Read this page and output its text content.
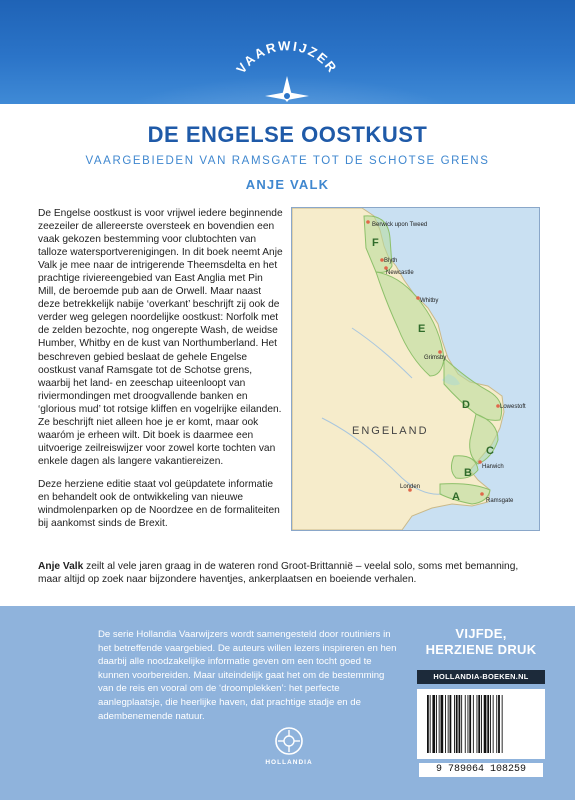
VAARWIJZER
DE ENGELSE OOSTKUST
VAARGEBIEDEN VAN RAMSGATE TOT DE SCHOTSE GRENS
ANJE VALK

De Engelse oostkust is voor vrijwel iedere beginnende zeezeiler de allereerste oversteek en bovendien een vaak gekozen bestemming voor clubtochten van talloze watersportverenigingen. In dit boek neemt Anje Valk je mee naar de intrigerende Theemsdelta en het prachtige riviereengebied van East Anglia met Pin Mill, de beroemde pub aan de Orwell. Maar naast deze betrekkelijk nabije ‘overkant’ beschrijft zij ook de verder weg gelegen noordelijke oostkust: Norfolk met de zelden bezochte, nog ongerepte Wash, de weidse Humber, Whitby en de kust van Northumberland. Het beschreven gebied beslaat de gehele Engelse oostkust vanaf Ramsgate tot de Schotse grens, waarbij het land- en zeeschap uiteenloopt van riviermondingen met droogvallende banken en ‘glorious mud’ tot rotsige kliffen en vogelrijke eilanden. Ze beschrijft niet alleen hoe je er komt, maar ook waaróm je erheen wilt. Dit boek is daarmee een uitvoerige zeilreiswijzer voor zowel korte tochten van enkele dagen als langere vakantiereizen.

Deze herziene editie staat vol geüpdatete informatie en behandelt ook de ontwikkeling van nieuwe windmolenparken op de Noordzee en de formaliteiten bij aankomst sinds de Brexit.

Berwick upon Tweed
Blyth
Newcastle
Whitby
Grimsby
Lowestoft
Harwich
Londen
Ramsgate
F
E
D
C
B
A
ENGELAND
Anje Valk zeilt al vele jaren graag in de wateren rond Groot-Brittannië – veelal solo, soms met bemanning, maar altijd op zoek naar bijzondere haventjes, ankerplaatsen en boeiende verhalen.
De serie Hollandia Vaarwijzers wordt samengesteld door routiniers in het betreffende vaargebied. De auteurs willen lezers inspireren en hen daarbij alle noodzakelijke informatie geven om een tocht goed te kunnen voorbereiden. Maar uiteindelijk gaat het om de bestemming van de reis en vooral om de ‘droomplekken’: het perfecte aanlegplaatsje, die heerlijke haven, dat prachtige stadje en de adembenemende natuur.
VIJFDE,
HERZIENE DRUK
HOLLANDIA-BOEKEN.NL
9 789064 108259
HOLLANDIA
